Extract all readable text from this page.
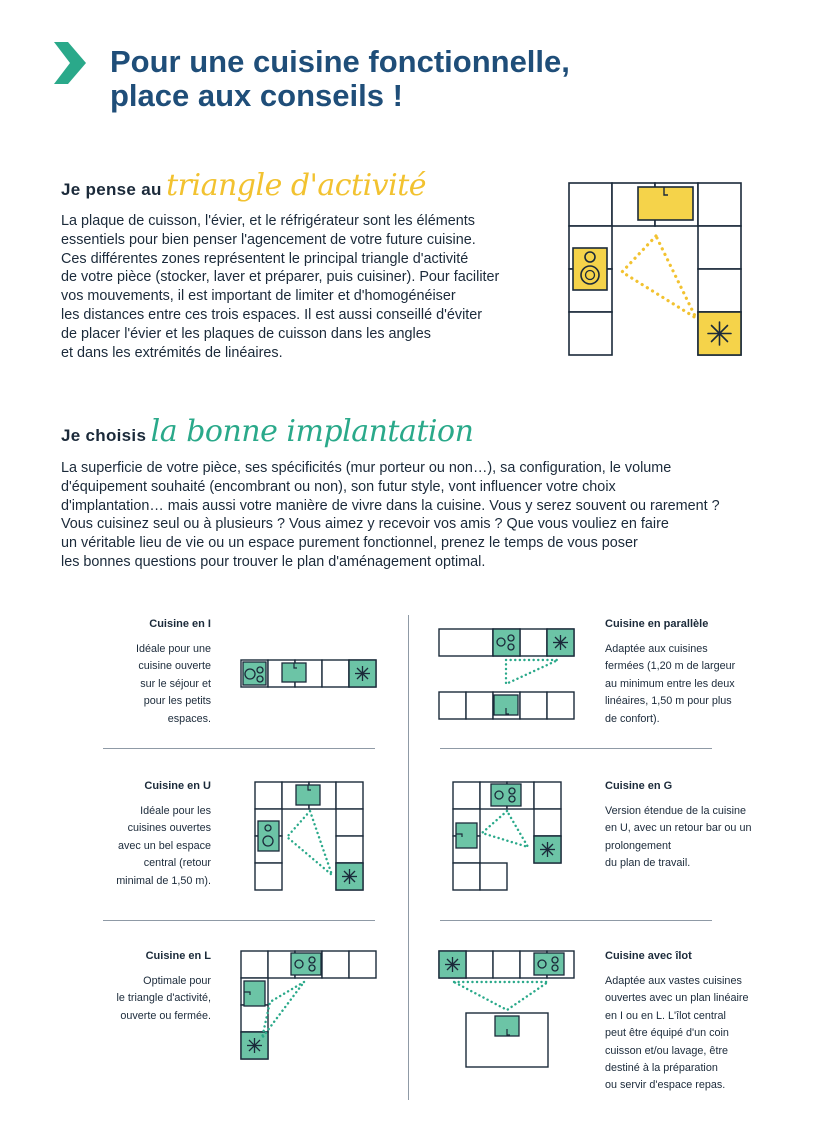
Pour une cuisine fonctionnelle,
place aux conseils !
Je pense au triangle d'activité
La plaque de cuisson, l'évier, et le réfrigérateur sont les éléments
essentiels pour bien penser l'agencement de votre future cuisine.
Ces différentes zones représentent le principal triangle d'activité
de votre pièce (stocker, laver et préparer, puis cuisiner). Pour faciliter
vos mouvements, il est important de limiter et d'homogénéiser
les distances entre ces trois espaces. Il est aussi conseillé d'éviter
de placer l'évier et les plaques de cuisson dans les angles
et dans les extrémités de linéaires.
Je choisis la bonne implantation
La superficie de votre pièce, ses spécificités (mur porteur ou non…), sa configuration, le volume
d'équipement souhaité (encombrant ou non), son futur style, vont influencer votre choix
d'implantation… mais aussi votre manière de vivre dans la cuisine. Vous y serez souvent ou rarement ?
Vous cuisinez seul ou à plusieurs ? Vous aimez y recevoir vos amis ? Que vous vouliez en faire
un véritable lieu de vie ou un espace purement fonctionnel, prenez le temps de vous poser
les bonnes questions pour trouver le plan d'aménagement optimal.
Cuisine en I
Idéale pour une
cuisine ouverte
sur le séjour et
pour les petits
espaces.
Cuisine en parallèle
Adaptée aux cuisines
fermées (1,20 m de largeur
au minimum entre les deux
linéaires, 1,50 m pour plus
de confort).
Cuisine en U
Idéale pour les
cuisines ouvertes
avec un bel espace
central (retour
minimal de 1,50 m).
Cuisine en G
Version étendue de la cuisine
en U, avec un retour bar ou un
prolongement
du plan de travail.
Cuisine en L
Optimale pour
le triangle d'activité,
ouverte ou fermée.
Cuisine avec îlot
Adaptée aux vastes cuisines
ouvertes avec un plan linéaire
en I ou en L. L'îlot central
peut être équipé d'un coin
cuisson et/ou lavage, être
destiné à la préparation
ou servir d'espace repas.
